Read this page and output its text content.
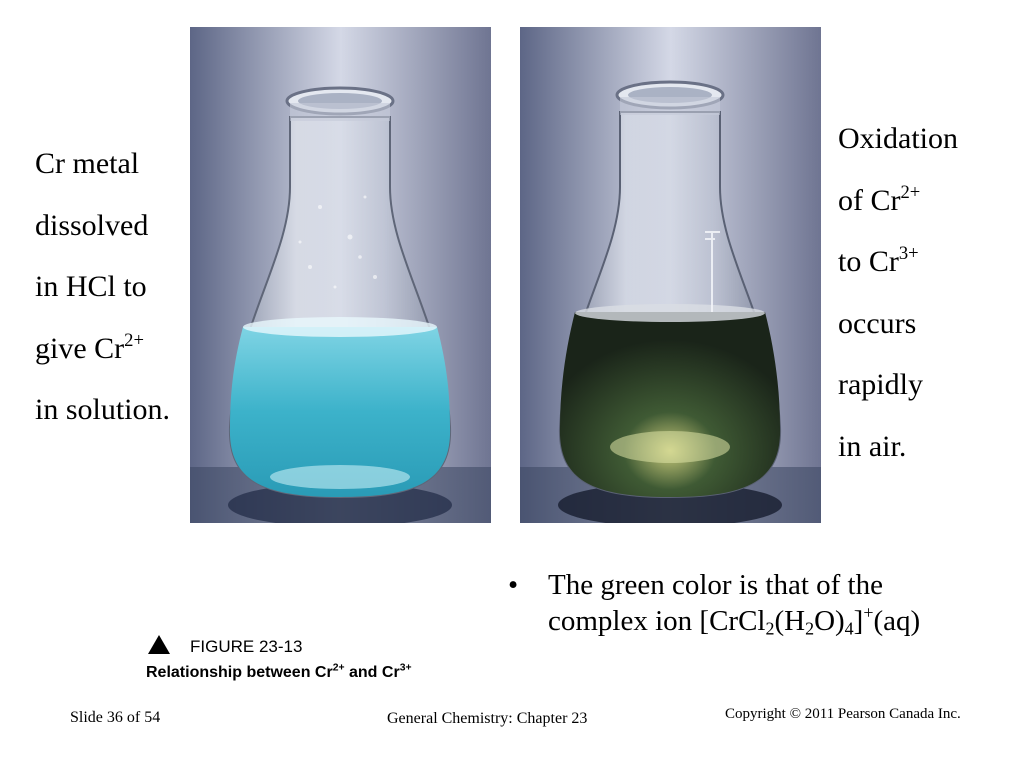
Cr metal
dissolved
in HCl to
give $Cr^{2+}$
in solution.
Oxidation
of $Cr^{2+}$
to $Cr^{3+}$
occurs
rapidly
in air.
• The green color is that of the
complex ion $[CrCl_2(H_2O)_4]^+(aq)$
FIGURE 23-13
Relationship between $Cr^{2+}$ and $Cr^{3+}$
Slide 36 of 54	General Chemistry: Chapter 23	Copyright © 2011 Pearson Canada Inc.
